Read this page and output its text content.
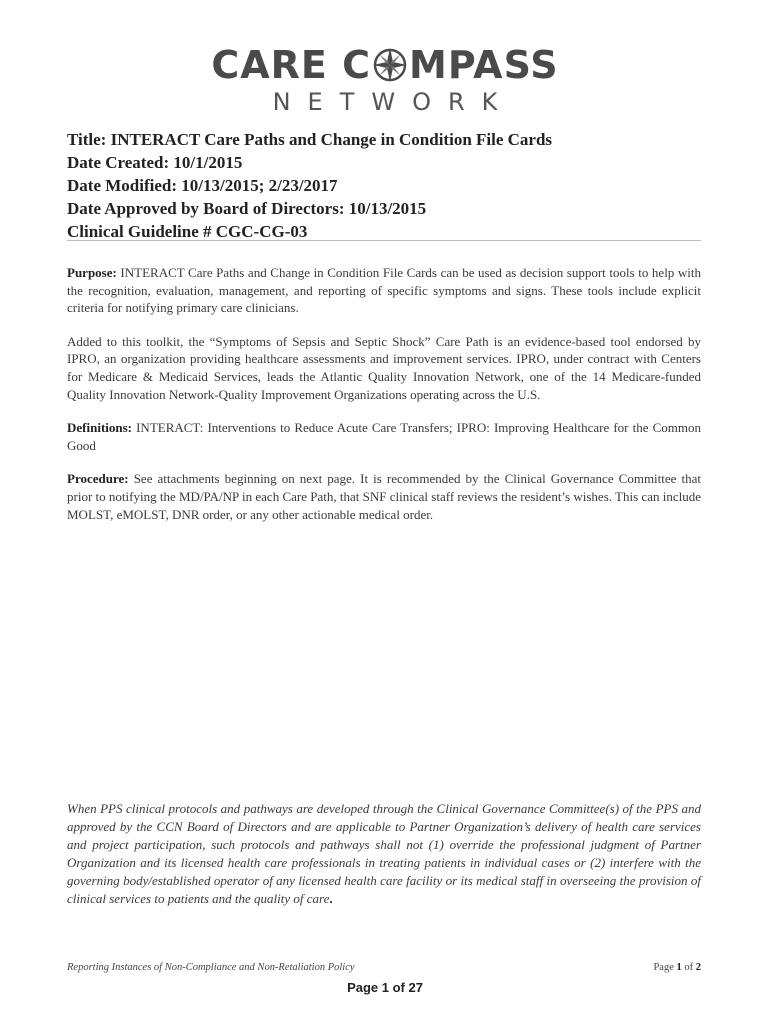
CARE C MPASS
NETWORK
Title: INTERACT Care Paths and Change in Condition File Cards
Date Created: 10/1/2015
Date Modified: 10/13/2015; 2/23/2017
Date Approved by Board of Directors: 10/13/2015
Clinical Guideline # CGC-CG-03

Purpose: INTERACT Care Paths and Change in Condition File Cards can be used as decision support tools to help with the recognition, evaluation, management, and reporting of specific symptoms and signs. These tools include explicit criteria for notifying primary care clinicians.

Added to this toolkit, the “Symptoms of Sepsis and Septic Shock” Care Path is an evidence-based tool endorsed by IPRO, an organization providing healthcare assessments and improvement services. IPRO, under contract with Centers for Medicare & Medicaid Services, leads the Atlantic Quality Innovation Network, one of the 14 Medicare-funded Quality Innovation Network-Quality Improvement Organizations operating across the U.S.

Definitions: INTERACT: Interventions to Reduce Acute Care Transfers; IPRO: Improving Healthcare for the Common Good

Procedure: See attachments beginning on next page. It is recommended by the Clinical Governance Committee that prior to notifying the MD/PA/NP in each Care Path, that SNF clinical staff reviews the resident’s wishes. This can include MOLST, eMOLST, DNR order, or any other actionable medical order.

When PPS clinical protocols and pathways are developed through the Clinical Governance Committee(s) of the PPS and approved by the CCN Board of Directors and are applicable to Partner Organization’s delivery of health care services and project participation, such protocols and pathways shall not (1) override the professional judgment of Partner Organization and its licensed health care professionals in treating patients in individual cases or (2) interfere with the governing body/established operator of any licensed health care facility or its medical staff in overseeing the provision of clinical services to patients and the quality of care.
Reporting Instances of Non-Compliance and Non-Retaliation Policy	Page 1 of 2
Page 1 of 27
